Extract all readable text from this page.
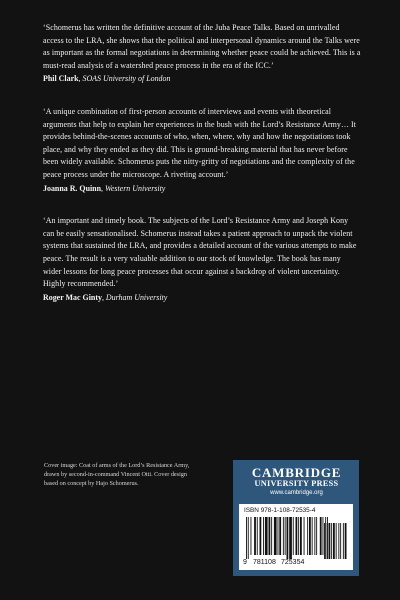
‘Schomerus has written the definitive account of the Juba Peace Talks. Based on unrivalled access to the LRA, she shows that the political and interpersonal dynamics around the Talks were as important as the formal negotiations in determining whether peace could be achieved. This is a must-read analysis of a watershed peace process in the era of the ICC.’

Phil Clark, SOAS University of London

‘A unique combination of first-person accounts of interviews and events with theoretical arguments that help to explain her experiences in the bush with the Lord’s Resistance Army… It provides behind-the-scenes accounts of who, when, where, why and how the negotiations took place, and why they ended as they did. This is ground-breaking material that has never before been widely available. Schomerus puts the nitty-gritty of negotiations and the complexity of the peace process under the microscope. A riveting account.’

Joanna R. Quinn, Western University

‘An important and timely book. The subjects of the Lord’s Resistance Army and Joseph Kony can be easily sensationalised. Schomerus instead takes a patient approach to unpack the violent systems that sustained the LRA, and provides a detailed account of the various attempts to make peace. The result is a very valuable addition to our stock of knowledge. The book has many wider lessons for long peace processes that occur against a backdrop of violent uncertainty. Highly recommended.’

Roger Mac Ginty, Durham University
Cover image: Coat of arms of the Lord’s Resistance Army, drawn by second-in-command Vincent Otti. Cover design based on concept by Hajo Schomerus.
CAMBRIDGE
UNIVERSITY PRESS
www.cambridge.org
ISBN 978-1-108-72535-4
9 781108 725354
